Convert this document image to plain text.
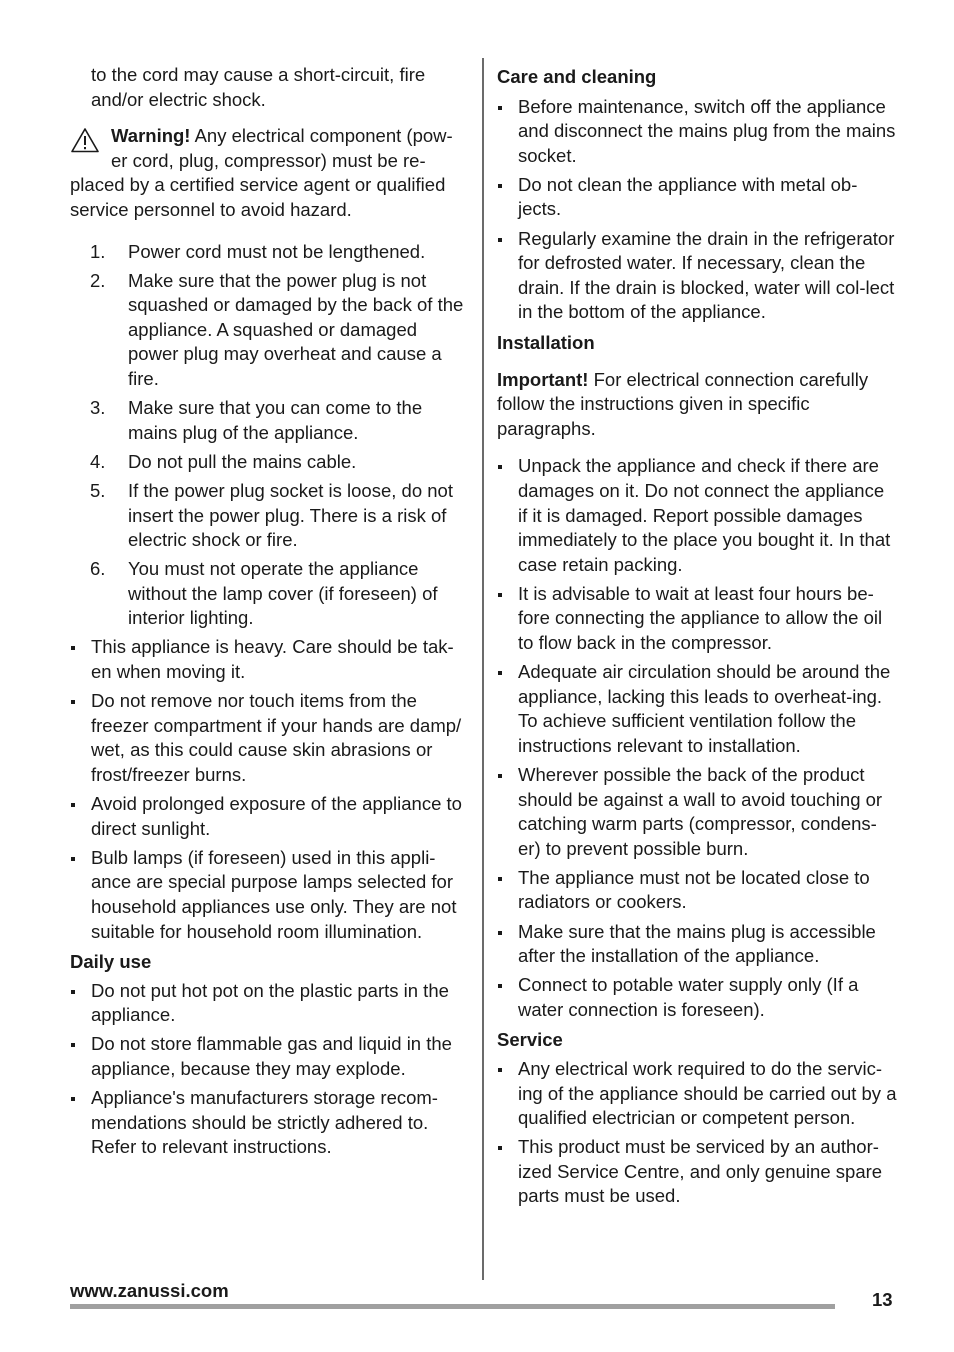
to the cord may cause a short-circuit, fire and/or electric shock.

Warning! Any electrical component (pow-

er cord, plug, compressor) must be re-

placed by a certified service agent or qualified service personnel to avoid hazard.

1. Power cord must not be lengthened.
2. Make sure that the power plug is not squashed or damaged by the back of the appliance. A squashed or damaged power plug may overheat and cause a fire.
3. Make sure that you can come to the mains plug of the appliance.
4. Do not pull the mains cable.
5. If the power plug socket is loose, do not insert the power plug. There is a risk of electric shock or fire.
6. You must not operate the appliance without the lamp cover (if foreseen) of interior lighting.
This appliance is heavy. Care should be tak-en when moving it.
Do not remove nor touch items from the freezer compartment if your hands are damp/ wet, as this could cause skin abrasions or frost/freezer burns.
Avoid prolonged exposure of the appliance to direct sunlight.
Bulb lamps (if foreseen) used in this appli-ance are special purpose lamps selected for household appliances use only. They are not suitable for household room illumination.
Daily use
Do not put hot pot on the plastic parts in the appliance.
Do not store flammable gas and liquid in the appliance, because they may explode.
Appliance's manufacturers storage recom-mendations should be strictly adhered to. Refer to relevant instructions.
Care and cleaning
Before maintenance, switch off the appliance and disconnect the mains plug from the mains socket.
Do not clean the appliance with metal ob-jects.
Regularly examine the drain in the refrigerator for defrosted water. If necessary, clean the drain. If the drain is blocked, water will col-lect in the bottom of the appliance.
Installation

Important! For electrical connection carefully follow the instructions given in specific paragraphs.

Unpack the appliance and check if there are damages on it. Do not connect the appliance if it is damaged. Report possible damages immediately to the place you bought it. In that case retain packing.
It is advisable to wait at least four hours be-fore connecting the appliance to allow the oil to flow back in the compressor.
Adequate air circulation should be around the appliance, lacking this leads to overheat-ing. To achieve sufficient ventilation follow the instructions relevant to installation.
Wherever possible the back of the product should be against a wall to avoid touching or catching warm parts (compressor, condens-er) to prevent possible burn.
The appliance must not be located close to radiators or cookers.
Make sure that the mains plug is accessible after the installation of the appliance.
Connect to potable water supply only (If a water connection is foreseen).
Service
Any electrical work required to do the servic-ing of the appliance should be carried out by a qualified electrician or competent person.
This product must be serviced by an author-ized Service Centre, and only genuine spare parts must be used.
www.zanussi.com	13
